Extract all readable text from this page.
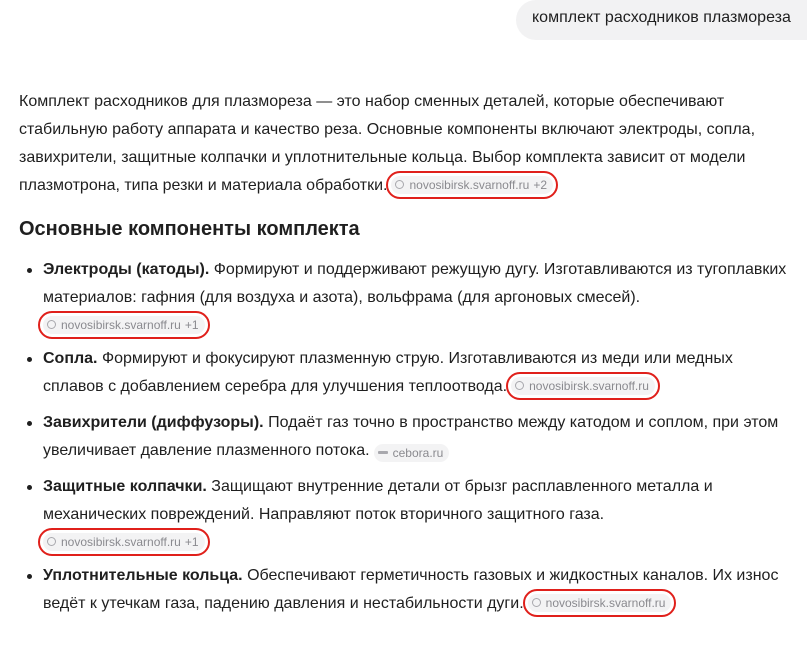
комплект расходников плазмореза

Комплект расходников для плазмореза — это набор сменных деталей, которые обеспечивают стабильную работу аппарата и качество реза. Основные компоненты включают электроды, сопла, завихрители, защитные колпачки и уплотнительные кольца. Выбор комплекта зависит от модели плазмотрона, типа резки и материала обработки. novosibirsk.svarnoff.ru +2

Основные компоненты комплекта
Электроды (катоды). Формируют и поддерживают режущую дугу. Изготавливаются из тугоплавких материалов: гафния (для воздуха и азота), вольфрама (для аргоновых смесей).
novosibirsk.svarnoff.ru +1
Сопла. Формируют и фокусируют плазменную струю. Изготавливаются из меди или медных сплавов с добавлением серебра для улучшения теплоотвода. novosibirsk.svarnoff.ru
Завихрители (диффузоры). Подаёт газ точно в пространство между катодом и соплом, при этом увеличивает давление плазменного потока. cebora.ru
Защитные колпачки. Защищают внутренние детали от брызг расплавленного металла и механических повреждений. Направляют поток вторичного защитного газа.
novosibirsk.svarnoff.ru +1
Уплотнительные кольца. Обеспечивают герметичность газовых и жидкостных каналов. Их износ ведёт к утечкам газа, падению давления и нестабильности дуги. novosibirsk.svarnoff.ru
